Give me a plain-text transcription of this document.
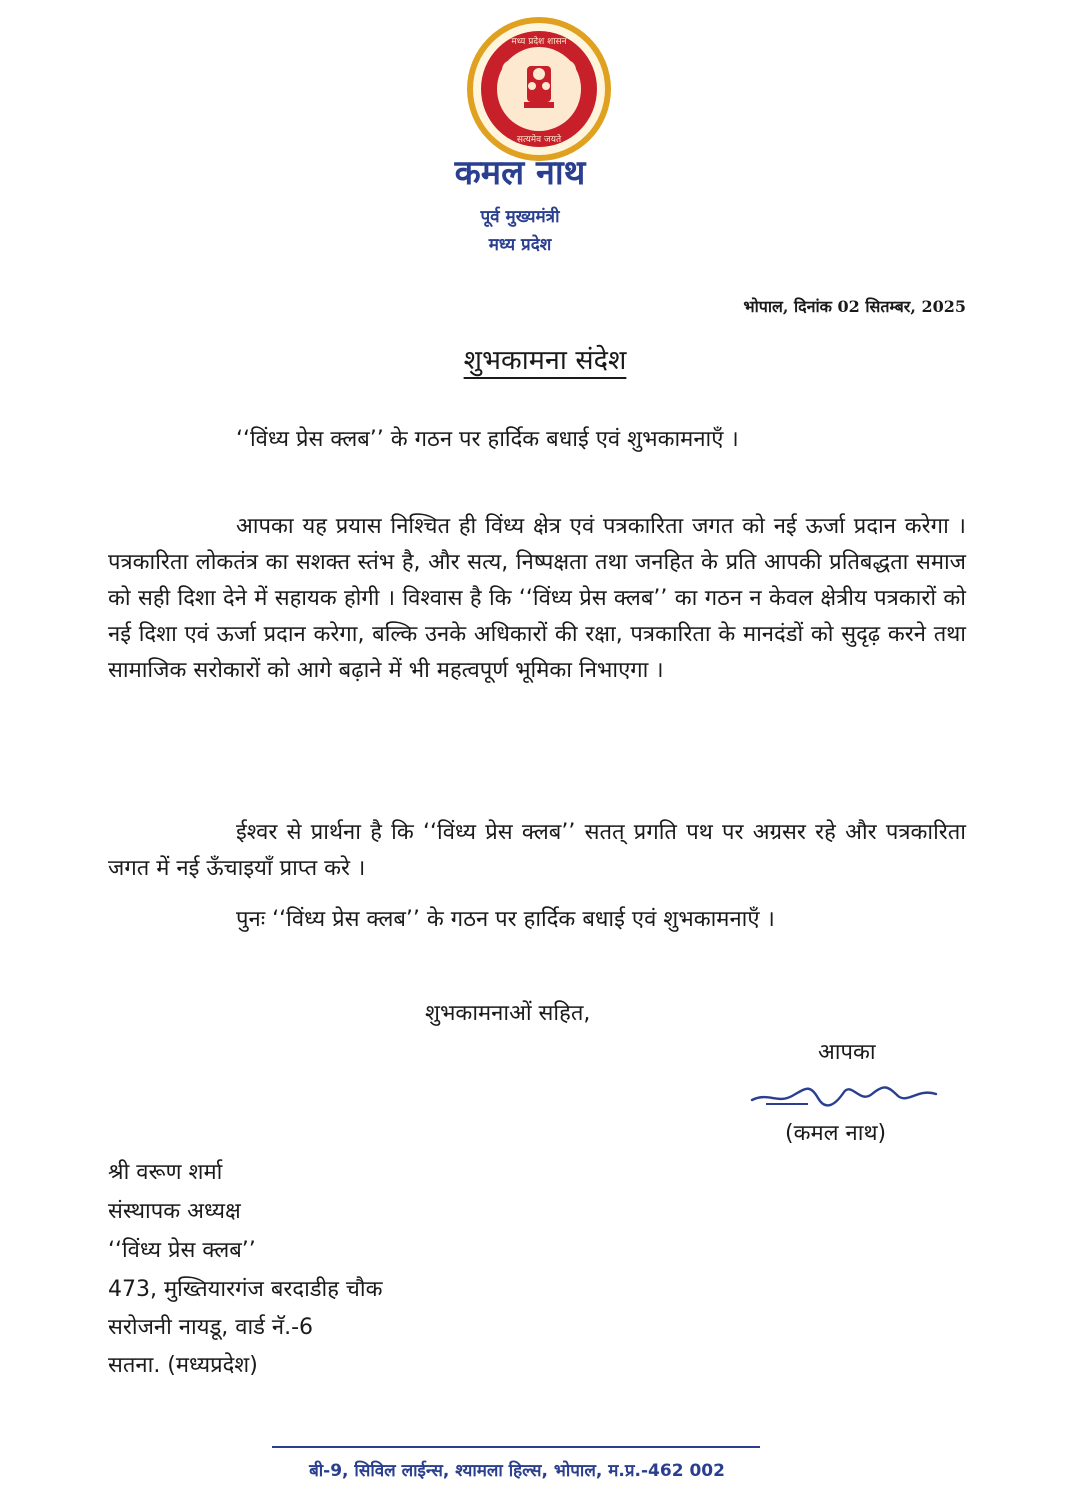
मध्य प्रदेश शासन
सत्यमेव जयते
कमल नाथ
पूर्व मुख्यमंत्री
मध्य प्रदेश
भोपाल, दिनांक 02 सितम्बर, 2025
शुभकामना संदेश
‘‘विंध्य प्रेस क्लब’’ के गठन पर हार्दिक बधाई एवं शुभकामनाएँ ।
आपका यह प्रयास निश्चित ही विंध्य क्षेत्र एवं पत्रकारिता जगत को नई ऊर्जा प्रदान करेगा । पत्रकारिता लोकतंत्र का सशक्त स्तंभ है, और सत्य, निष्पक्षता तथा जनहित के प्रति आपकी प्रतिबद्धता समाज को सही दिशा देने में सहायक होगी । विश्वास है कि ‘‘विंध्य प्रेस क्लब’’ का गठन न केवल क्षेत्रीय पत्रकारों को नई दिशा एवं ऊर्जा प्रदान करेगा, बल्कि उनके अधिकारों की रक्षा, पत्रकारिता के मानदंडों को सुदृढ़ करने तथा सामाजिक सरोकारों को आगे बढ़ाने में भी महत्वपूर्ण भूमिका निभाएगा ।
ईश्वर से प्रार्थना है कि ‘‘विंध्य प्रेस क्लब’’ सतत् प्रगति पथ पर अग्रसर रहे और पत्रकारिता जगत में नई ऊँचाइयाँ प्राप्त करे ।
पुनः ‘‘विंध्य प्रेस क्लब’’ के गठन पर हार्दिक बधाई एवं शुभकामनाएँ ।
शुभकामनाओं सहित,
आपका
(कमल नाथ)
श्री वरूण शर्मा
संस्थापक अध्यक्ष
‘‘विंध्य प्रेस क्लब’’
473, मुख्तियारगंज बरदाडीह चौक
सरोजनी नायडू, वार्ड नॅ.-6
सतना. (मध्यप्रदेश)
बी-9, सिविल लाईन्स, श्यामला हिल्स, भोपाल, म.प्र.-462 002
